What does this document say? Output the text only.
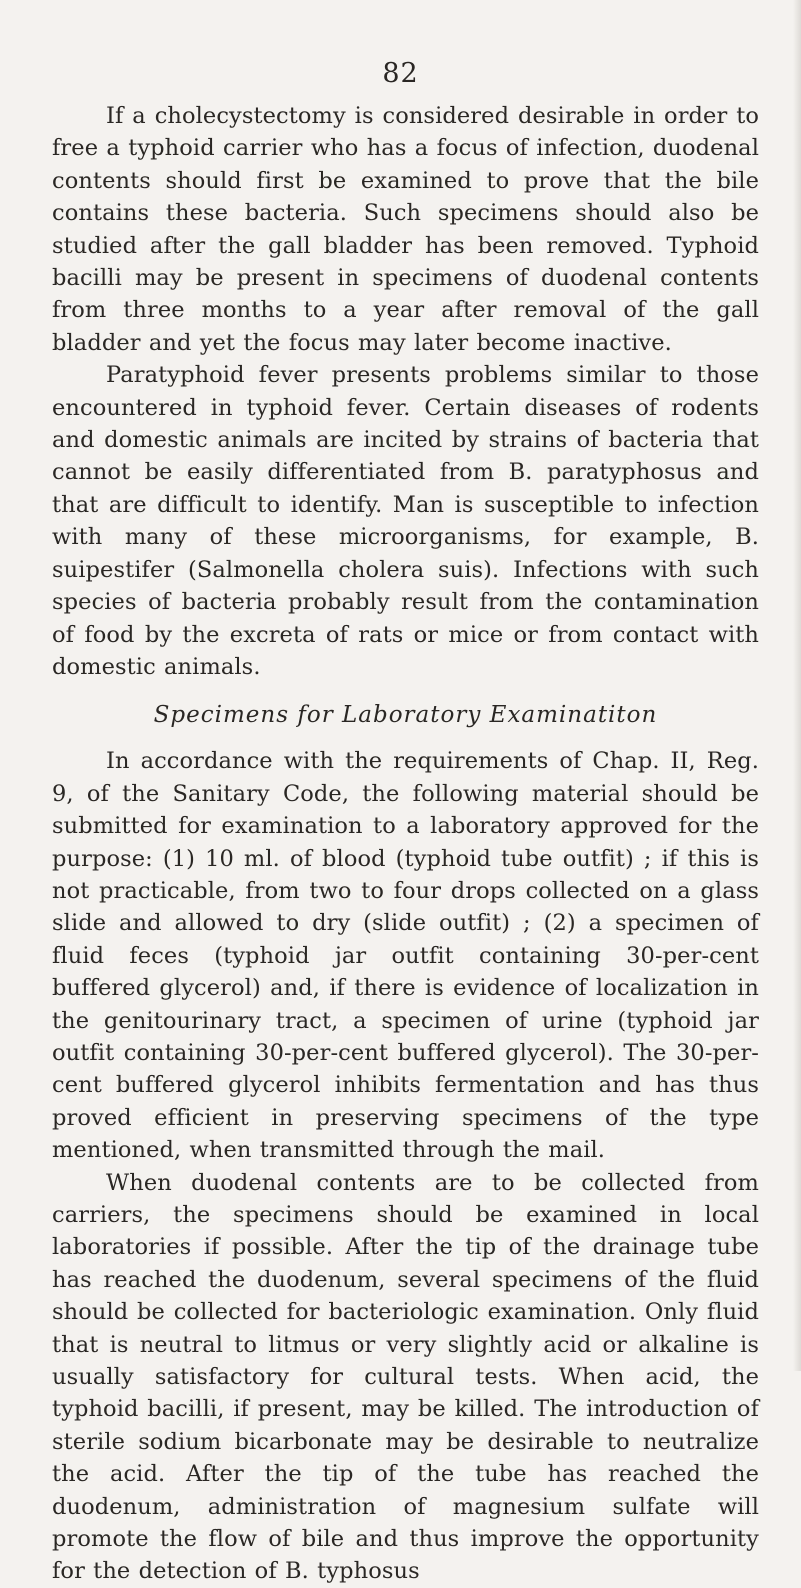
82

If a cholecystectomy is considered desirable in order to free a typhoid carrier who has a focus of infection, duodenal contents should first be examined to prove that the bile contains these bacteria. Such specimens should also be studied after the gall bladder has been removed. Typhoid bacilli may be present in specimens of duodenal contents from three months to a year after removal of the gall bladder and yet the focus may later become inactive.

Paratyphoid fever presents problems similar to those encountered in typhoid fever. Certain diseases of rodents and domestic animals are incited by strains of bacteria that cannot be easily differentiated from B. paratyphosus and that are difficult to identify. Man is susceptible to infection with many of these microorganisms, for example, B. suipestifer (Salmonella cholera suis). Infections with such species of bacteria probably result from the contamination of food by the excreta of rats or mice or from contact with domestic animals.

Specimens for Laboratory Examinatiton

In accordance with the requirements of Chap. II, Reg. 9, of the Sanitary Code, the following material should be submitted for examination to a laboratory approved for the purpose: (1) 10 ml. of blood (typhoid tube outfit) ; if this is not practicable, from two to four drops collected on a glass slide and allowed to dry (slide outfit) ; (2) a specimen of fluid feces (typhoid jar outfit containing 30-per-cent buffered glycerol) and, if there is evidence of localization in the genitourinary tract, a specimen of urine (typhoid jar outfit containing 30-per-cent buffered glycerol). The 30-per-cent buffered glycerol inhibits fermentation and has thus proved efficient in preserving specimens of the type mentioned, when transmitted through the mail.

When duodenal contents are to be collected from carriers, the specimens should be examined in local laboratories if possible. After the tip of the drainage tube has reached the duodenum, several specimens of the fluid should be collected for bacteriologic examination. Only fluid that is neutral to litmus or very slightly acid or alkaline is usually satisfactory for cultural tests. When acid, the typhoid bacilli, if present, may be killed. The introduction of sterile sodium bicarbonate may be desirable to neutralize the acid. After the tip of the tube has reached the duodenum, administration of magnesium sulfate will promote the flow of bile and thus improve the opportunity for the detection of B. typhosus
